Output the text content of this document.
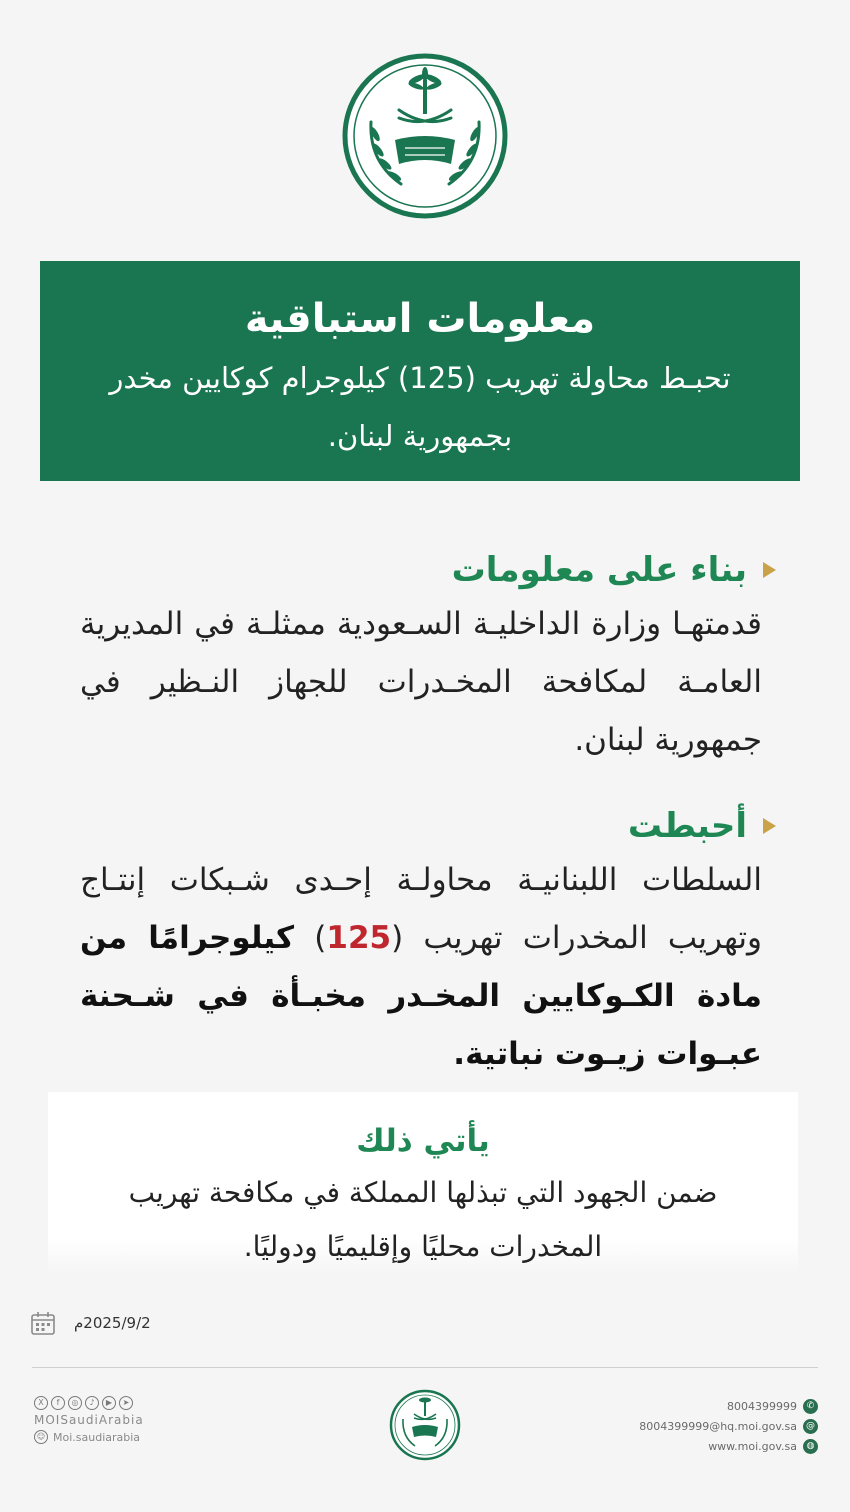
معلومات استباقية
تحبـط محاولة تهريب (125) كيلوجرام كوكايين مخدر بجمهورية لبنان.
بناء على معلومات
قدمتهـا وزارة الداخليـة السـعودية ممثلـة في المديرية العامـة لمكافحة المخـدرات للجهاز النـظير في جمهورية لبنان.
أحبطت
السلطات اللبنانيـة محاولـة إحـدى شـبكات إنتـاج وتهريب المخدرات تهريب (125) كيلوجرامًا من مادة الكـوكايين المخـدر مخبـأة في شـحنة عبـوات زيـوت نباتية.
يأتي ذلك
ضمن الجهود التي تبذلها المملكة في مكافحة تهريب المخدرات محليًا وإقليميًا ودوليًا.
2025/9/2م
X	f	◎	♪	▶	➤
MOISaudiArabia
☺ Moi.saudiarabia
8004399999	✆
8004399999@hq.moi.gov.sa	@
www.moi.gov.sa	◍
